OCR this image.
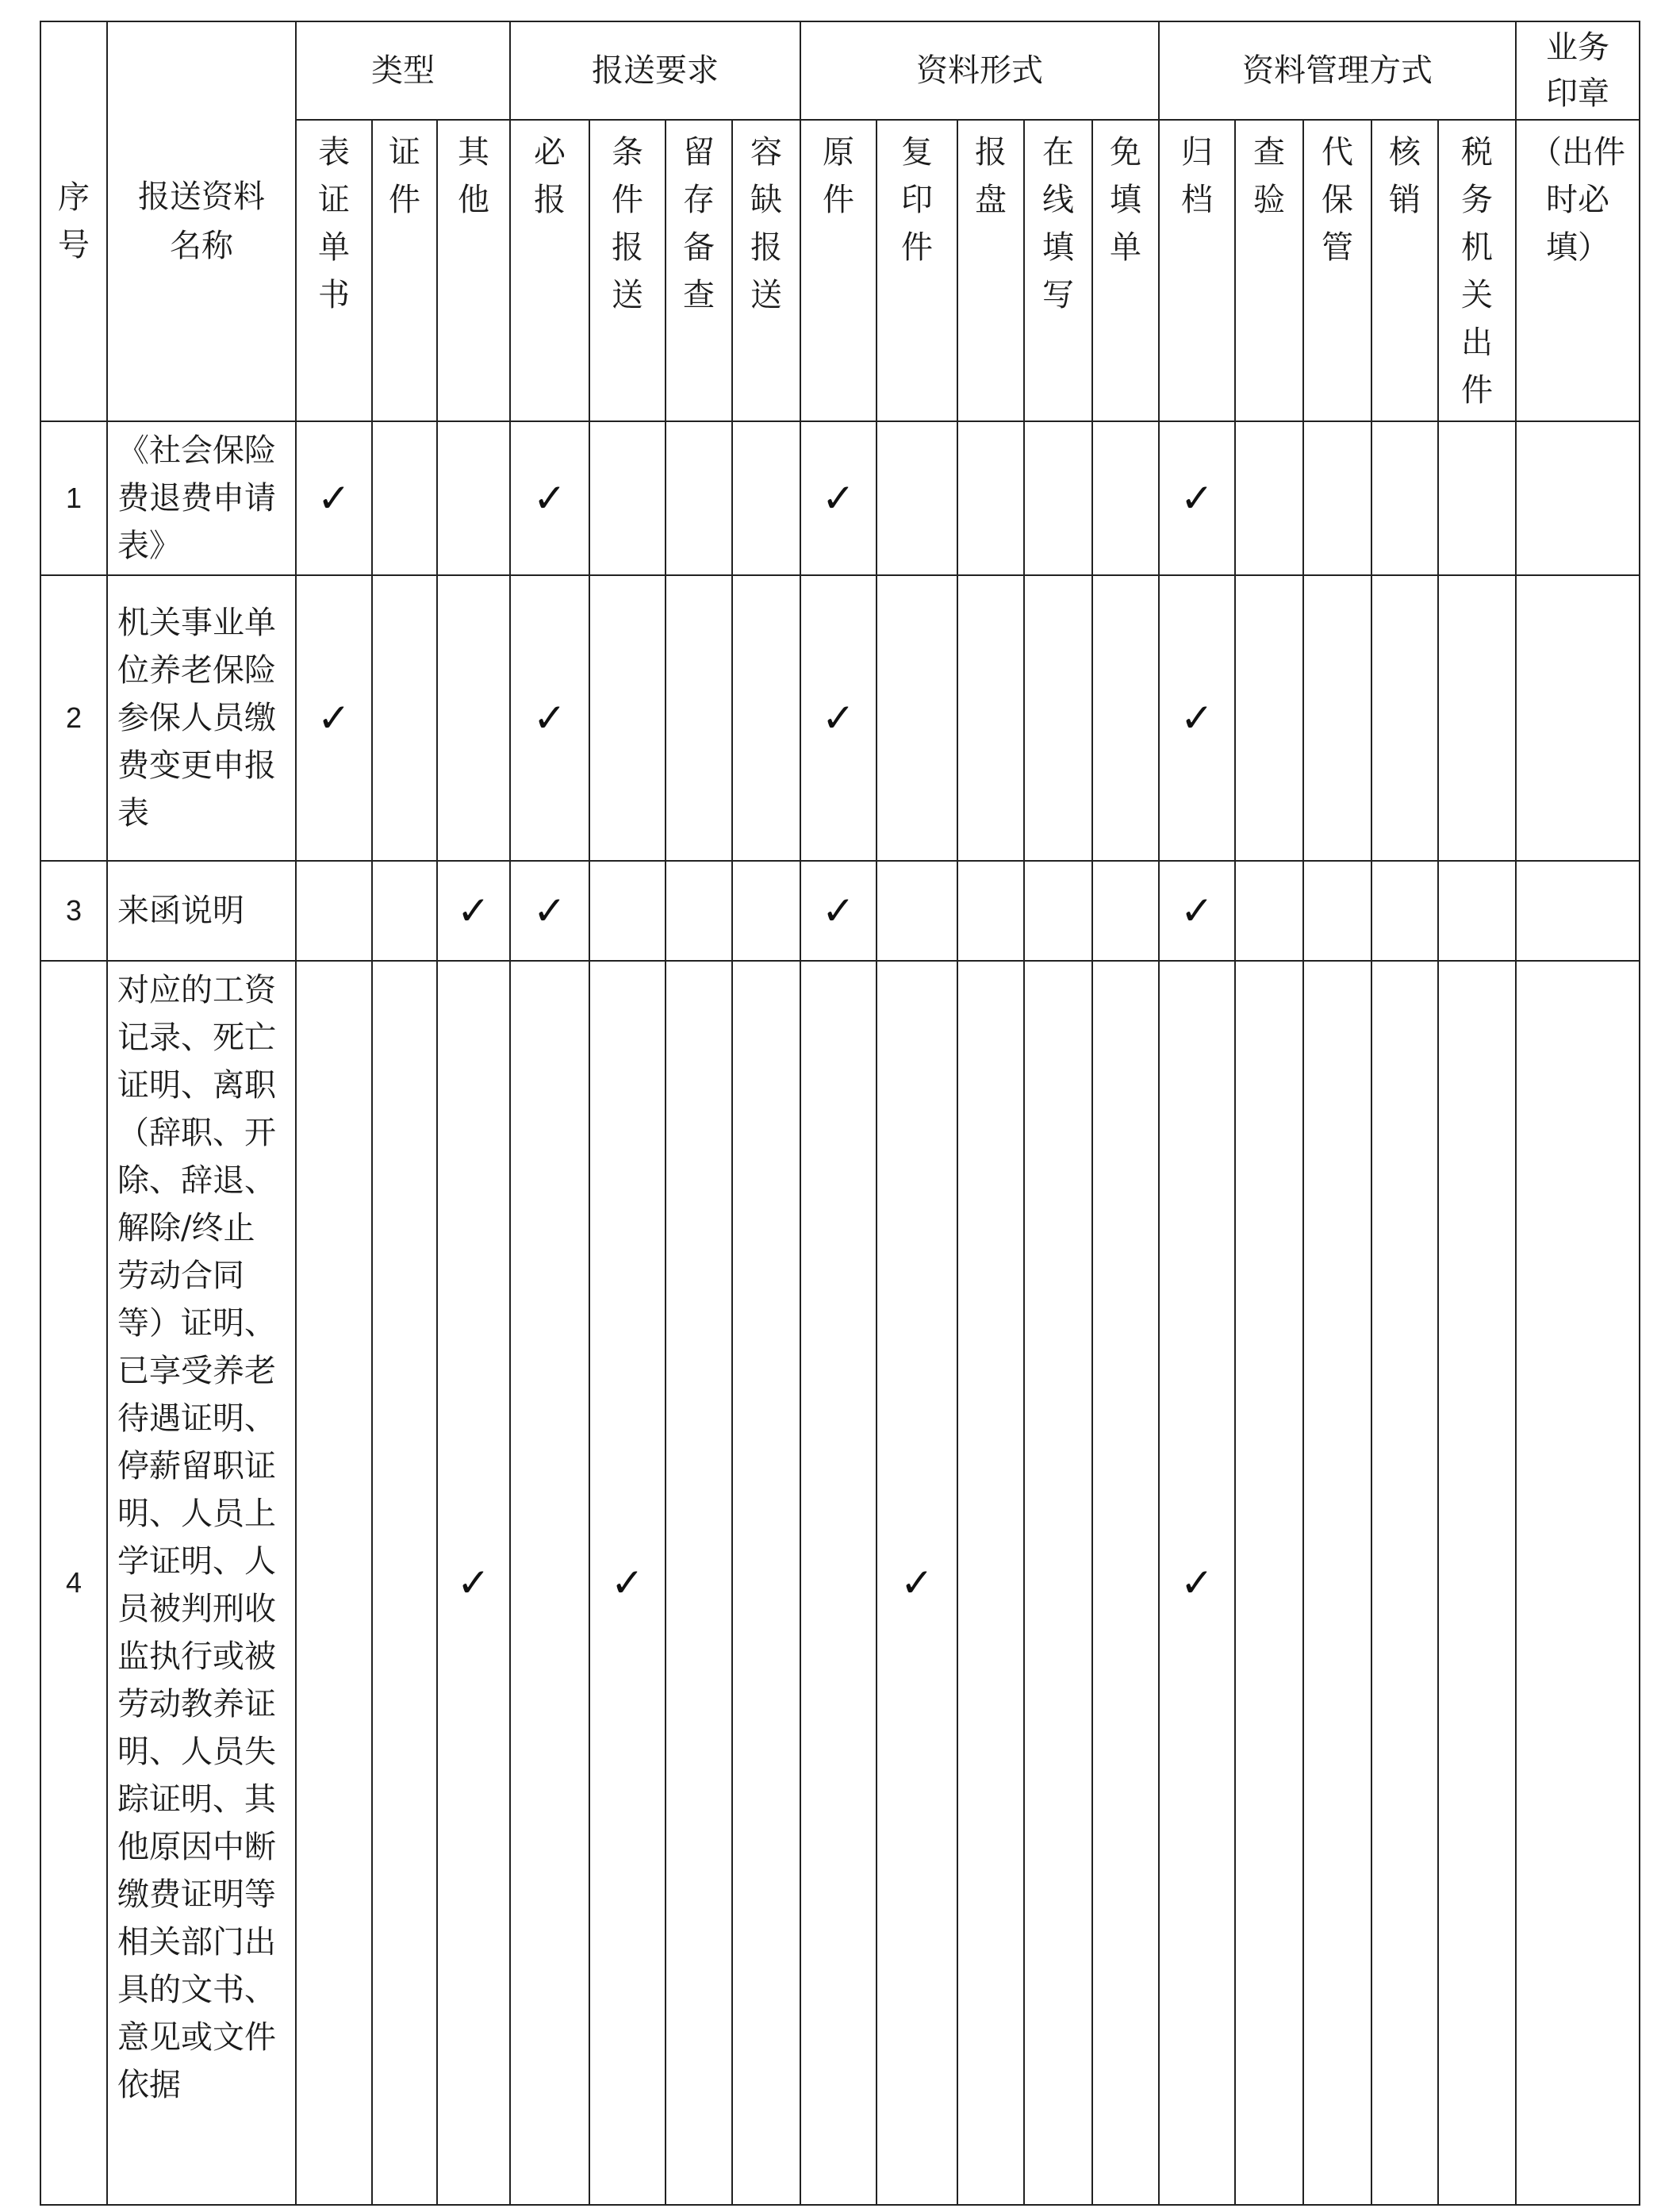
序号	报送资料名称	类型			报送要求				资料形式					资料管理方式					业务印章

		表证单书	证件	其他	必报	条件报送	留存备查	容缺报送	原件	复印件	报盘	在线填写	免填单	归档	查验	代保管	核销	税务机关出件	（出件时必填）

1	《社会保险费退费申请表》	✓			✓				✓					✓					
2	机关事业单位养老保险参保人员缴费变更申报表	✓			✓				✓					✓					
3	来函说明			✓	✓				✓					✓					
4	对应的工资记录、死亡证明、离职（辞职、开除、辞退、解除/终止劳动合同等）证明、已享受养老待遇证明、停薪留职证明、人员上学证明、人员被判刑收监执行或被劳动教养证明、人员失踪证明、其他原因中断缴费证明等相关部门出具的文书、意见或文件依据			✓		✓				✓				✓					
